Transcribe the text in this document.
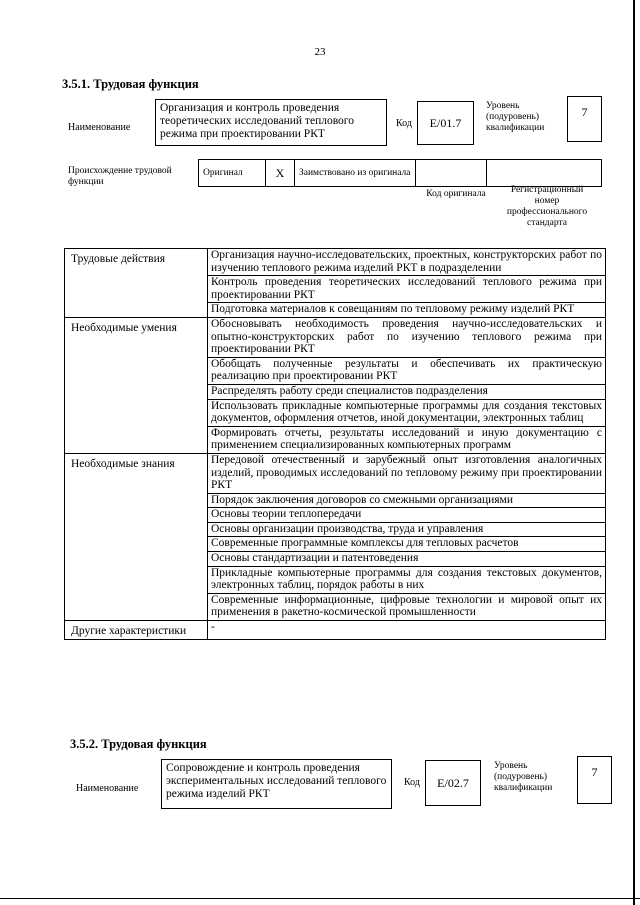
23
3.5.1. Трудовая функция
Наименование
Организация и контроль проведения теоретических исследований теплового режима при проектировании РКТ
Код	E/01.7
Уровень (подуровень) квалификации
7
Происхождение трудовой функции
Оригинал	X	Заимствовано из оригинала		
Код оригинала	Регистрационный номер профессионального стандарта
Трудовые действия	Организация научно-исследовательских, проектных, конструкторских работ по изучению теплового режима изделий РКТ в подразделении
	Контроль проведения теоретических исследований теплового режима при проектировании РКТ
	Подготовка материалов к совещаниям по тепловому режиму изделий РКТ
Необходимые умения	Обосновывать необходимость проведения научно-исследовательских и опытно-конструкторских работ по изучению теплового режима при проектировании РКТ
	Обобщать полученные результаты и обеспечивать их практическую реализацию при проектировании РКТ
	Распределять работу среди специалистов подразделения
	Использовать прикладные компьютерные программы для создания текстовых документов, оформления отчетов, иной документации, электронных таблиц
	Формировать отчеты, результаты исследований и иную документацию с применением специализированных компьютерных программ
Необходимые знания	Передовой отечественный и зарубежный опыт изготовления аналогичных изделий, проводимых исследований по тепловому режиму при проектировании РКТ
	Порядок заключения договоров со смежными организациями
	Основы теории теплопередачи
	Основы организации производства, труда и управления
	Современные программные комплексы для тепловых расчетов
	Основы стандартизации и патентоведения
	Прикладные компьютерные программы для создания текстовых документов, электронных таблиц, порядок работы в них
	Современные информационные, цифровые технологии и мировой опыт их применения в ракетно-космической промышленности
Другие характеристики	-
3.5.2. Трудовая функция
Наименование
Сопровождение и контроль проведения экспериментальных исследований теплового режима изделий РКТ
Код	E/02.7
Уровень (подуровень) квалификации
7
